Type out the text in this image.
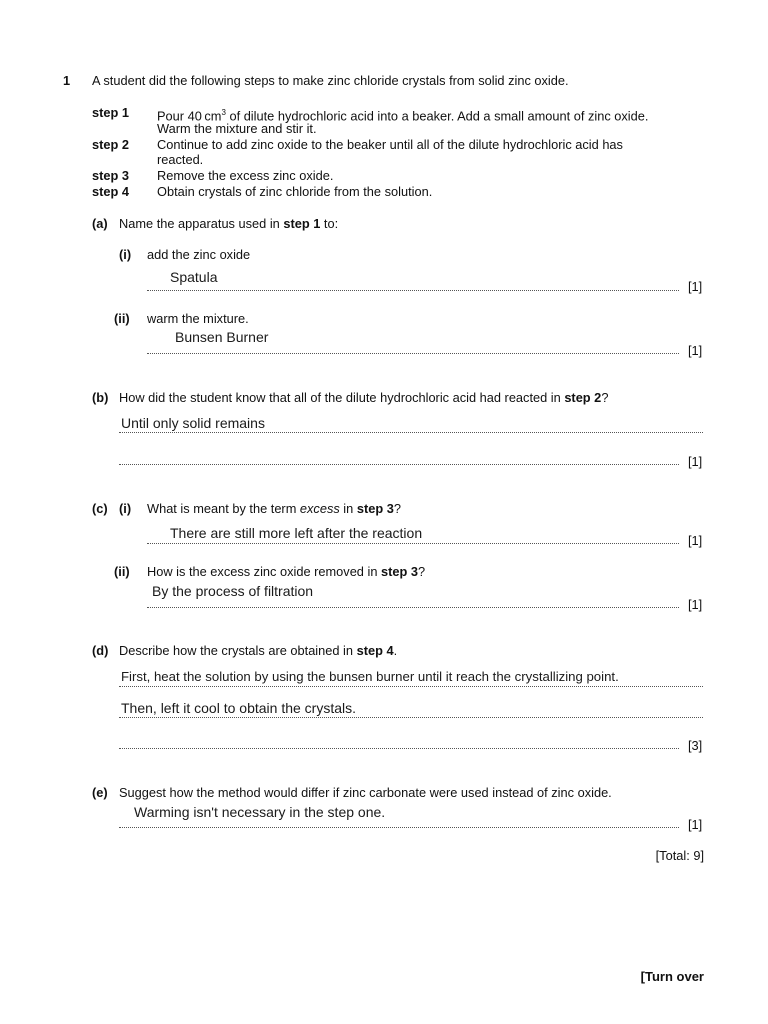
1 A student did the following steps to make zinc chloride crystals from solid zinc oxide.
step 1 Pour 40 $cm^3$ of dilute hydrochloric acid into a beaker. Add a small amount of zinc oxide.
Warm the mixture and stir it.
step 2 Continue to add zinc oxide to the beaker until all of the dilute hydrochloric acid has
reacted.
step 3 Remove the excess zinc oxide.
step 4 Obtain crystals of zinc chloride from the solution.
(a) Name the apparatus used in step 1 to:
(i) add the zinc oxide
Spatula
[1]
(ii) warm the mixture.
Bunsen Burner
[1]
(b) How did the student know that all of the dilute hydrochloric acid had reacted in step 2?
Until only solid remains
[1]
(c) (i) What is meant by the term excess in step 3?
There are still more left after the reaction	[1]
(ii) How is the excess zinc oxide removed in step 3?
By the process of filtration
[1]
(d) Describe how the crystals are obtained in step 4.
First, heat the solution by using the bunsen burner until it reach the crystallizing point.
Then, left it cool to obtain the crystals.
[3]
(e) Suggest how the method would differ if zinc carbonate were used instead of zinc oxide.
Warming isn't necessary in the step one.
[1]
[Total: 9]
[Turn over
